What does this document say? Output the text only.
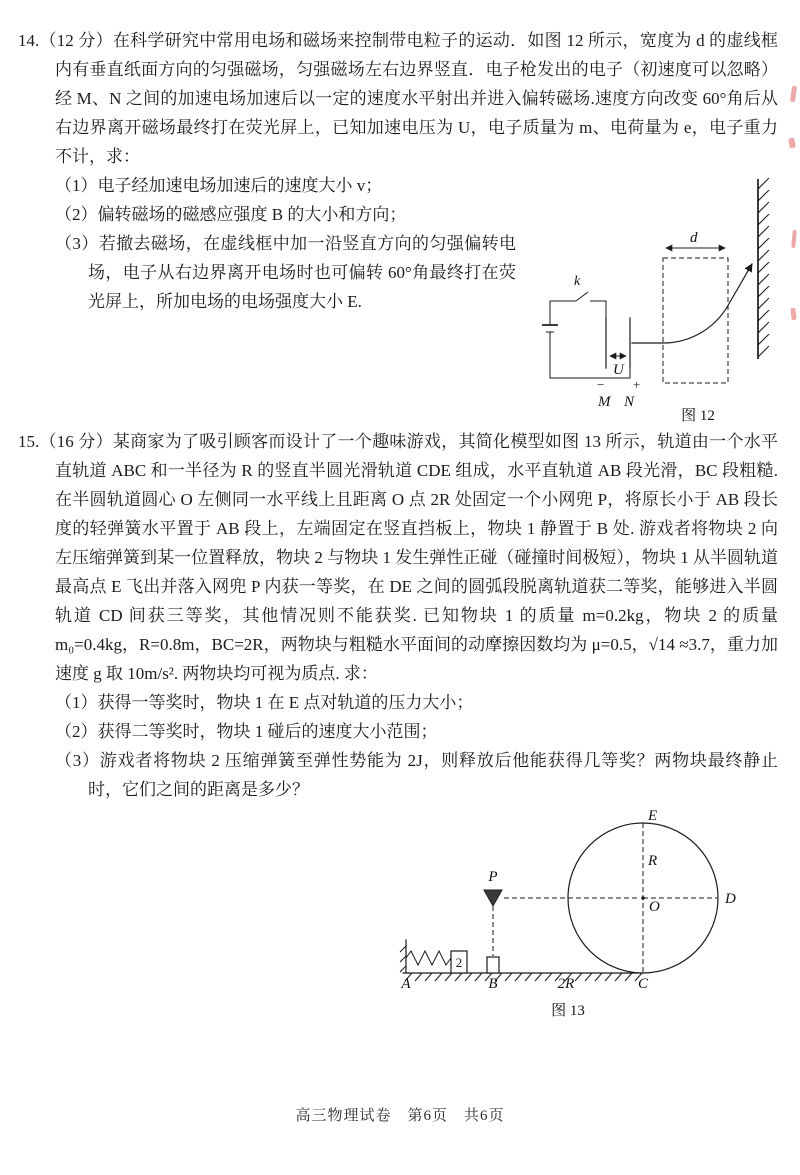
14.（12 分）在科学研究中常用电场和磁场来控制带电粒子的运动．如图 12 所示，宽度为 d 的虚线框内有垂直纸面方向的匀强磁场，匀强磁场左右边界竖直．电子枪发出的电子（初速度可以忽略）经 M、N 之间的加速电场加速后以一定的速度水平射出并进入偏转磁场.速度方向改变 60°角后从右边界离开磁场最终打在荧光屏上，已知加速电压为 U，电子质量为 m、电荷量为 e，电子重力不计，求：

d
k
U
− +
M N
图 12

（1）电子经加速电场加速后的速度大小 v；

（2）偏转磁场的磁感应强度 B 的大小和方向；

（3）若撤去磁场，在虚线框中加一沿竖直方向的匀强偏转电场，电子从右边界离开电场时也可偏转 60°角最终打在荧光屏上，所加电场的电场强度大小 E.

15.（16 分）某商家为了吸引顾客而设计了一个趣味游戏，其简化模型如图 13 所示，轨道由一个水平直轨道 ABC 和一半径为 R 的竖直半圆光滑轨道 CDE 组成，水平直轨道 AB 段光滑，BC 段粗糙. 在半圆轨道圆心 O 左侧同一水平线上且距离 O 点 2R 处固定一个小网兜 P，将原长小于 AB 段长度的轻弹簧水平置于 AB 段上，左端固定在竖直挡板上，物块 1 静置于 B 处. 游戏者将物块 2 向左压缩弹簧到某一位置释放，物块 2 与物块 1 发生弹性正碰（碰撞时间极短），物块 1 从半圆轨道最高点 E 飞出并落入网兜 P 内获一等奖，在 DE 之间的圆弧段脱离轨道获二等奖，能够进入半圆轨道 CD 间获三等奖，其他情况则不能获奖. 已知物块 1 的质量 m=0.2kg，物块 2 的质量 m₀=0.4kg，R=0.8m，BC=2R，两物块与粗糙水平面间的动摩擦因数均为 μ=0.5，√14 ≈3.7，重力加速度 g 取 10m/s². 两物块均可视为质点. 求：

（1）获得一等奖时，物块 1 在 E 点对轨道的压力大小；

（2）获得二等奖时，物块 1 碰后的速度大小范围；

（3）游戏者将物块 2 压缩弹簧至弹性势能为 2J，则释放后他能获得几等奖？两物块最终静止时，它们之间的距离是多少？

2
P
E
R
O	D
A	B	2R	C
图 13
高三物理试卷　第6页　共6页
